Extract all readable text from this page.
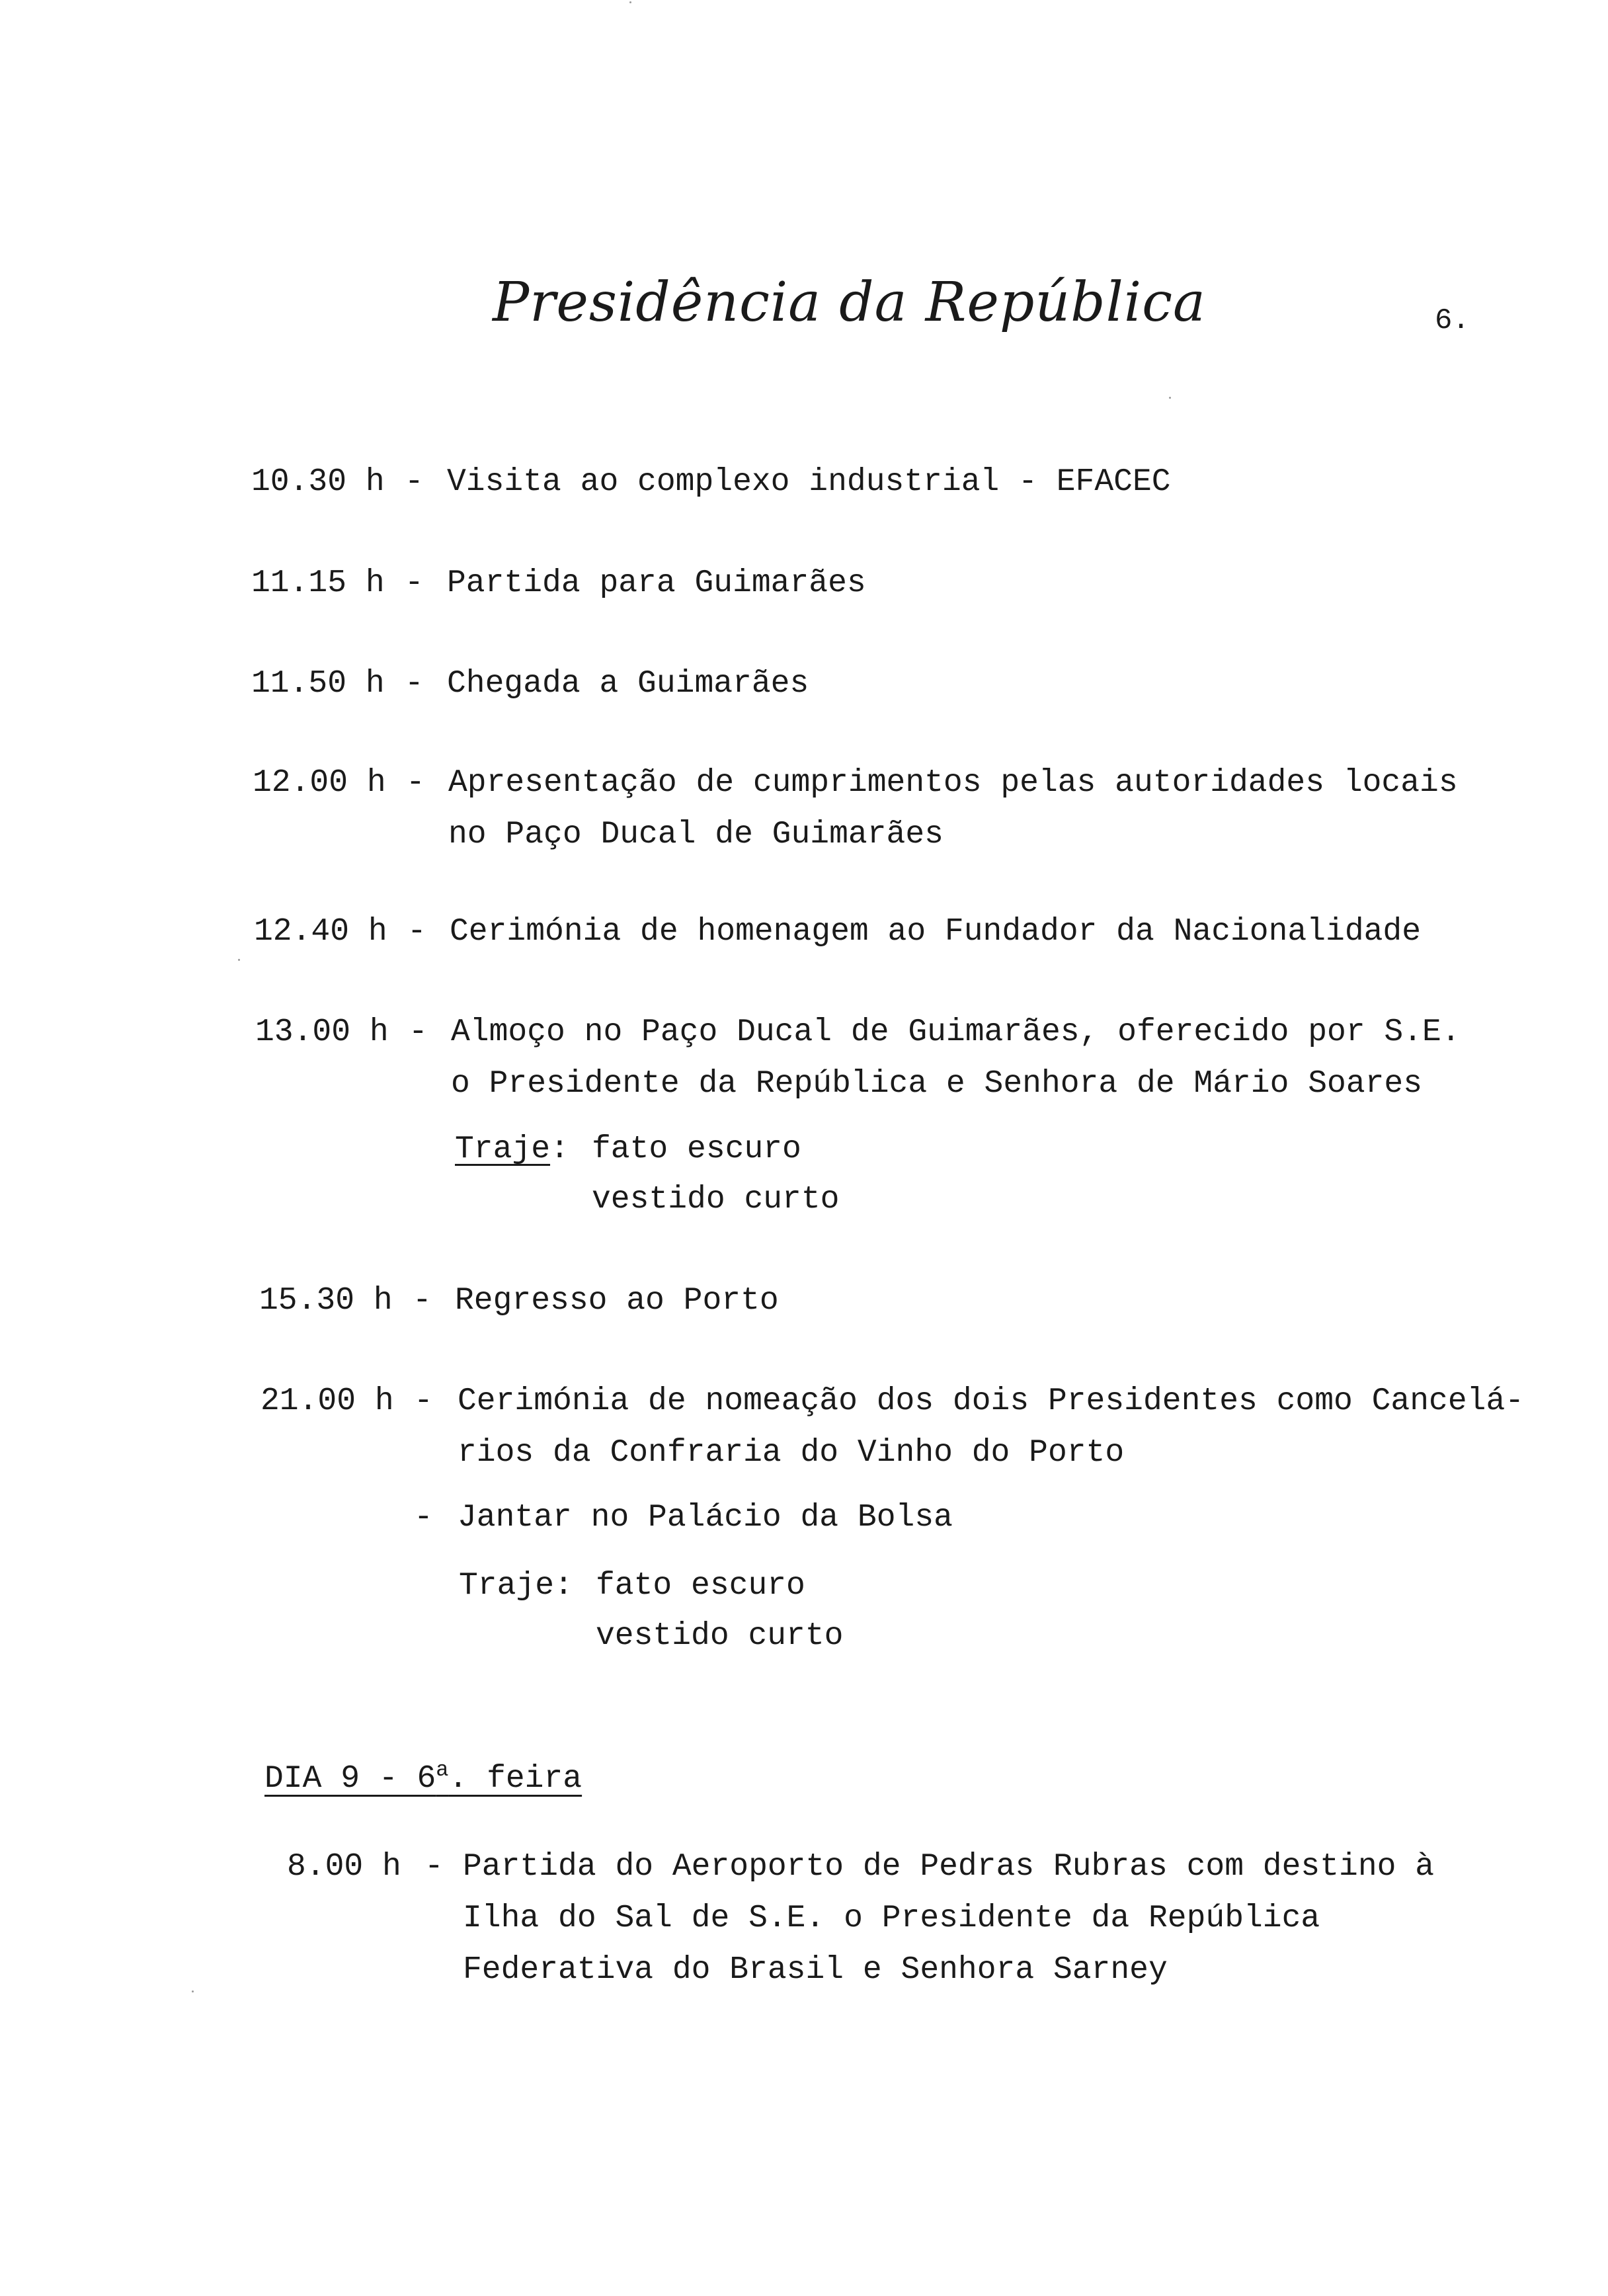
Presidência da República	6.
10.30 h - Visita ao complexo industrial - EFACEC
11.15 h - Partida para Guimarães
11.50 h - Chegada a Guimarães
12.00 h - Apresentação de cumprimentos pelas autoridades locais
no Paço Ducal de Guimarães
12.40 h - Cerimónia de homenagem ao Fundador da Nacionalidade
13.00 h - Almoço no Paço Ducal de Guimarães, oferecido por S.E.
o Presidente da República e Senhora de Mário Soares
Traje: fato escuro
vestido curto
15.30 h - Regresso ao Porto
21.00 h - Cerimónia de nomeação dos dois Presidentes como Cancelá-
rios da Confraria do Vinho do Porto
- Jantar no Palácio da Bolsa
Traje: fato escuro
vestido curto
DIA 9 - 6$^a$. feira
8.00 h - Partida do Aeroporto de Pedras Rubras com destino à
Ilha do Sal de S.E. o Presidente da República
Federativa do Brasil e Senhora Sarney
